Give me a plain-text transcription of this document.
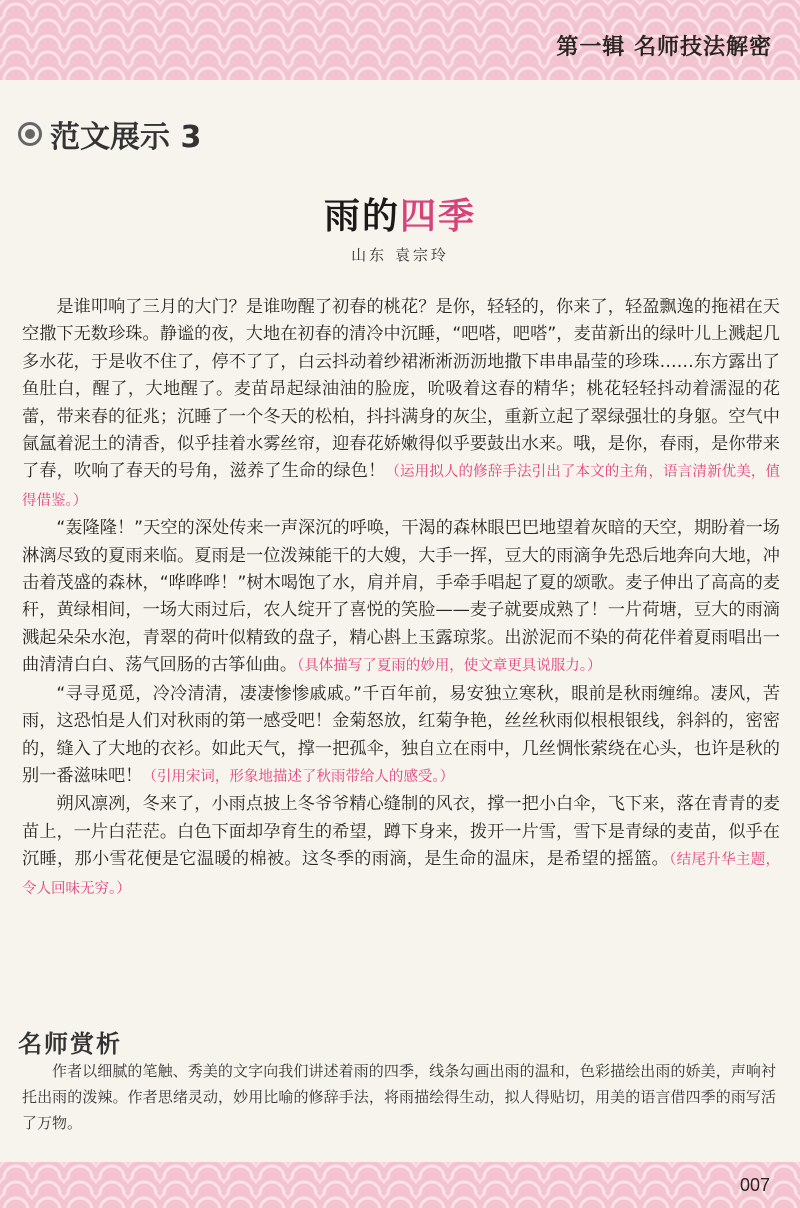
第一辑 名师技法解密
范文展示 3
雨的四季
山东 袁宗玲

是谁叩响了三月的大门？是谁吻醒了初春的桃花？是你，轻轻的，你来了，轻盈飘逸的拖裙在天空撒下无数珍珠。静谧的夜，大地在初春的清冷中沉睡，“吧嗒，吧嗒”，麦苗新出的绿叶儿上溅起几多水花，于是收不住了，停不了了，白云抖动着纱裙淅淅沥沥地撒下串串晶莹的珍珠……东方露出了鱼肚白，醒了，大地醒了。麦苗昂起绿油油的脸庞，吮吸着这春的精华；桃花轻轻抖动着濡湿的花蕾，带来春的征兆；沉睡了一个冬天的松柏，抖抖满身的灰尘，重新立起了翠绿强壮的身躯。空气中氤氲着泥土的清香，似乎挂着水雾丝帘，迎春花娇嫩得似乎要鼓出水来。哦，是你，春雨，是你带来了春，吹响了春天的号角，滋养了生命的绿色！（运用拟人的修辞手法引出了本文的主角，语言清新优美，值得借鉴。）

“轰隆隆！”天空的深处传来一声深沉的呼唤，干渴的森林眼巴巴地望着灰暗的天空，期盼着一场淋漓尽致的夏雨来临。夏雨是一位泼辣能干的大嫂，大手一挥，豆大的雨滴争先恐后地奔向大地，冲击着茂盛的森林，“哗哗哗！”树木喝饱了水，肩并肩，手牵手唱起了夏的颂歌。麦子伸出了高高的麦秆，黄绿相间，一场大雨过后，农人绽开了喜悦的笑脸——麦子就要成熟了！一片荷塘，豆大的雨滴溅起朵朵水泡，青翠的荷叶似精致的盘子，精心斟上玉露琼浆。出淤泥而不染的荷花伴着夏雨唱出一曲清清白白、荡气回肠的古筝仙曲。（具体描写了夏雨的妙用，使文章更具说服力。）

“寻寻觅觅，冷冷清清，凄凄惨惨戚戚。”千百年前，易安独立寒秋，眼前是秋雨缠绵。凄风，苦雨，这恐怕是人们对秋雨的第一感受吧！金菊怒放，红菊争艳，丝丝秋雨似根根银线，斜斜的，密密的，缝入了大地的衣衫。如此天气，撑一把孤伞，独自立在雨中，几丝惆怅萦绕在心头，也许是秋的别一番滋味吧！（引用宋词，形象地描述了秋雨带给人的感受。）

朔风凛冽，冬来了，小雨点披上冬爷爷精心缝制的风衣，撑一把小白伞，飞下来，落在青青的麦苗上，一片白茫茫。白色下面却孕育生的希望，蹲下身来，拨开一片雪，雪下是青绿的麦苗，似乎在沉睡，那小雪花便是它温暖的棉被。这冬季的雨滴，是生命的温床，是希望的摇篮。（结尾升华主题，令人回味无穷。）

名师赏析

作者以细腻的笔触、秀美的文字向我们讲述着雨的四季，线条勾画出雨的温和，色彩描绘出雨的娇美，声响衬托出雨的泼辣。作者思绪灵动，妙用比喻的修辞手法，将雨描绘得生动，拟人得贴切，用美的语言借四季的雨写活了万物。

007
